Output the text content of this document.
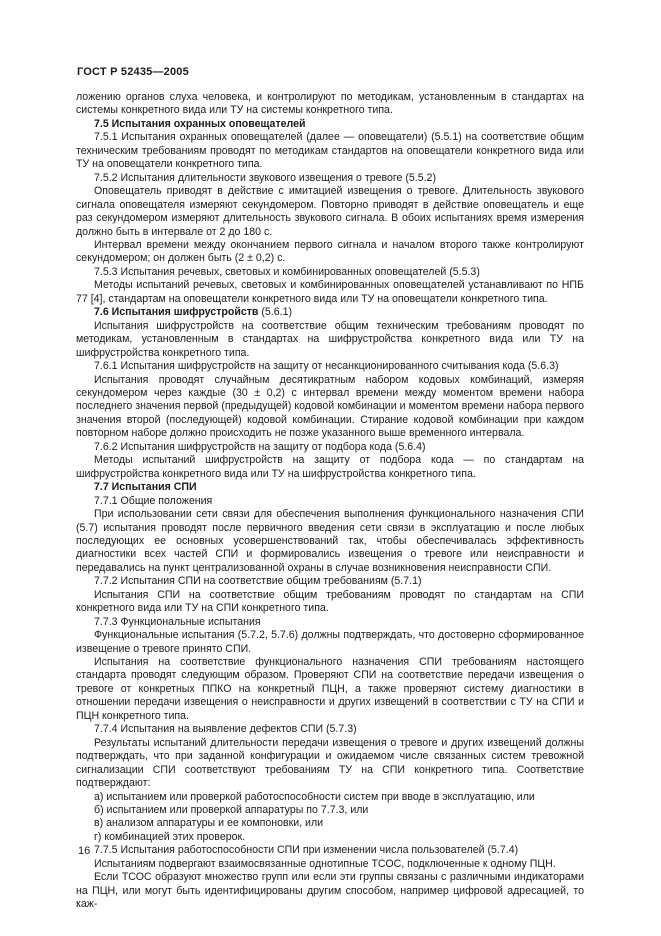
ГОСТ Р 52435—2005

ложению органов слуха человека, и контролируют по методикам, установленным в стандартах на системы конкретного вида или ТУ на системы конкретного типа.

7.5 Испытания охранных оповещателей

7.5.1 Испытания охранных оповещателей (далее — оповещатели) (5.5.1) на соответствие общим техническим требованиям проводят по методикам стандартов на оповещатели конкретного вида или ТУ на оповещатели конкретного типа.

7.5.2 Испытания длительности звукового извещения о тревоге (5.5.2)

Оповещатель приводят в действие с имитацией извещения о тревоге. Длительность звукового сигнала оповещателя измеряют секундомером. Повторно приводят в действие оповещатель и еще раз секундомером измеряют длительность звукового сигнала. В обоих испытаниях время измерения должно быть в интервале от 2 до 180 с.

Интервал времени между окончанием первого сигнала и началом второго также контролируют секундомером; он должен быть (2 ± 0,2) с.

7.5.3 Испытания речевых, световых и комбинированных оповещателей (5.5.3)

Методы испытаний речевых, световых и комбинированных оповещателей устанавливают по НПБ 77 [4], стандартам на оповещатели конкретного вида или ТУ на оповещатели конкретного типа.

7.6 Испытания шифрустройств (5.6.1)

Испытания шифрустройств на соответствие общим техническим требованиям проводят по методикам, установленным в стандартах на шифрустройства конкретного вида или ТУ на шифрустройства конкретного типа.

7.6.1 Испытания шифрустройств на защиту от несанкционированного считывания кода (5.6.3)

Испытания проводят случайным десятикратным набором кодовых комбинаций, измеряя секундомером через каждые (30 ± 0,2) с интервал времени между моментом времени набора последнего значения первой (предыдущей) кодовой комбинации и моментом времени набора первого значения второй (последующей) кодовой комбинации. Стирание кодовой комбинации при каждом повторном наборе должно происходить не позже указанного выше временного интервала.

7.6.2 Испытания шифрустройств на защиту от подбора кода (5.6.4)

Методы испытаний шифрустройств на защиту от подбора кода — по стандартам на шифрустройства конкретного вида или ТУ на шифрустройства конкретного типа.

7.7 Испытания СПИ

7.7.1 Общие положения

При использовании сети связи для обеспечения выполнения функционального назначения СПИ (5.7) испытания проводят после первичного введения сети связи в эксплуатацию и после любых последующих ее основных усовершенствований так, чтобы обеспечивалась эффективность диагностики всех частей СПИ и формировались извещения о тревоге или неисправности и передавались на пункт централизованной охраны в случае возникновения неисправности СПИ.

7.7.2 Испытания СПИ на соответствие общим требованиям (5.7.1)

Испытания СПИ на соответствие общим требованиям проводят по стандартам на СПИ конкретного вида или ТУ на СПИ конкретного типа.

7.7.3 Функциональные испытания

Функциональные испытания (5.7.2, 5.7.6) должны подтверждать, что достоверно сформированное извещение о тревоге принято СПИ.

Испытания на соответствие функционального назначения СПИ требованиям настоящего стандарта проводят следующим образом. Проверяют СПИ на соответствие передачи извещения о тревоге от конкретных ППКО на конкретный ПЦН, а также проверяют систему диагностики в отношении передачи извещения о неисправности и других извещений в соответствии с ТУ на СПИ и ПЦН конкретного типа.

7.7.4 Испытания на выявление дефектов СПИ (5.7.3)

Результаты испытаний длительности передачи извещения о тревоге и других извещений должны подтверждать, что при заданной конфигурации и ожидаемом числе связанных систем тревожной сигнализации СПИ соответствуют требованиям ТУ на СПИ конкретного типа. Соответствие подтверждают:

а) испытанием или проверкой работоспособности систем при вводе в эксплуатацию, или

б) испытанием или проверкой аппаратуры по 7.7.3, или

в) анализом аппаратуры и ее компоновки, или

г) комбинацией этих проверок.

7.7.5 Испытания работоспособности СПИ при изменении числа пользователей (5.7.4)

Испытаниям подвергают взаимосвязанные однотипные ТСОС, подключенные к одному ПЦН.

Если ТСОС образуют множество групп или если эти группы связаны с различными индикаторами на ПЦН, или могут быть идентифицированы другим способом, например цифровой адресацией, то каж-

16
